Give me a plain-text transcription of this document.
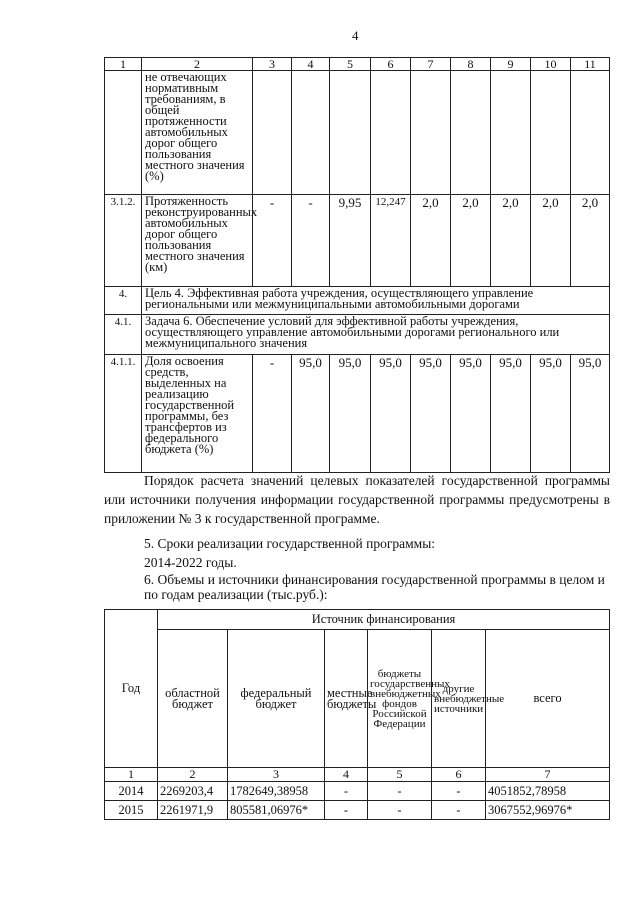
4
1	2	3	4	5	6	7	8	9	10	11
	не отвечающих нормативным требованиям, в общей протяженности автомобильных дорог общего пользования местного значения (%)									
3.1.2.	Протяженность реконструированных автомобильных дорог общего пользования местного значения (км)	-	-	9,95	12,247	2,0	2,0	2,0	2,0	2,0
4.	Цель 4. Эффективная работа учреждения, осуществляющего управление региональными или межмуниципальными автомобильными дорогами									
4.1.	Задача 6. Обеспечение условий для эффективной работы учреждения, осуществляющего управление автомобильными дорогами регионального или межмуниципального значения									
4.1.1.	Доля освоения средств, выделенных на реализацию государственной программы, без трансфертов из федерального бюджета (%)	-	95,0	95,0	95,0	95,0	95,0	95,0	95,0	95,0
Порядок расчета значений целевых показателей государственной программы или источники получения информации государственной программы предусмотрены в приложении № 3 к государственной программе.
5. Сроки реализации государственной программы:
2014-2022 годы.
6. Объемы и источники финансирования государственной программы в целом и по годам реализации (тыс.руб.):
Год	Источник финансирования					
	областной бюджет	федеральный бюджет	местные бюджеты	бюджеты государственных внебюджетных фондов Российской Федерации	другие внебюджетные источники	всего
1	2	3	4	5	6	7
2014	2269203,4	1782649,38958	-	-	-	4051852,78958
2015	2261971,9	805581,06976*	-	-	-	3067552,96976*
